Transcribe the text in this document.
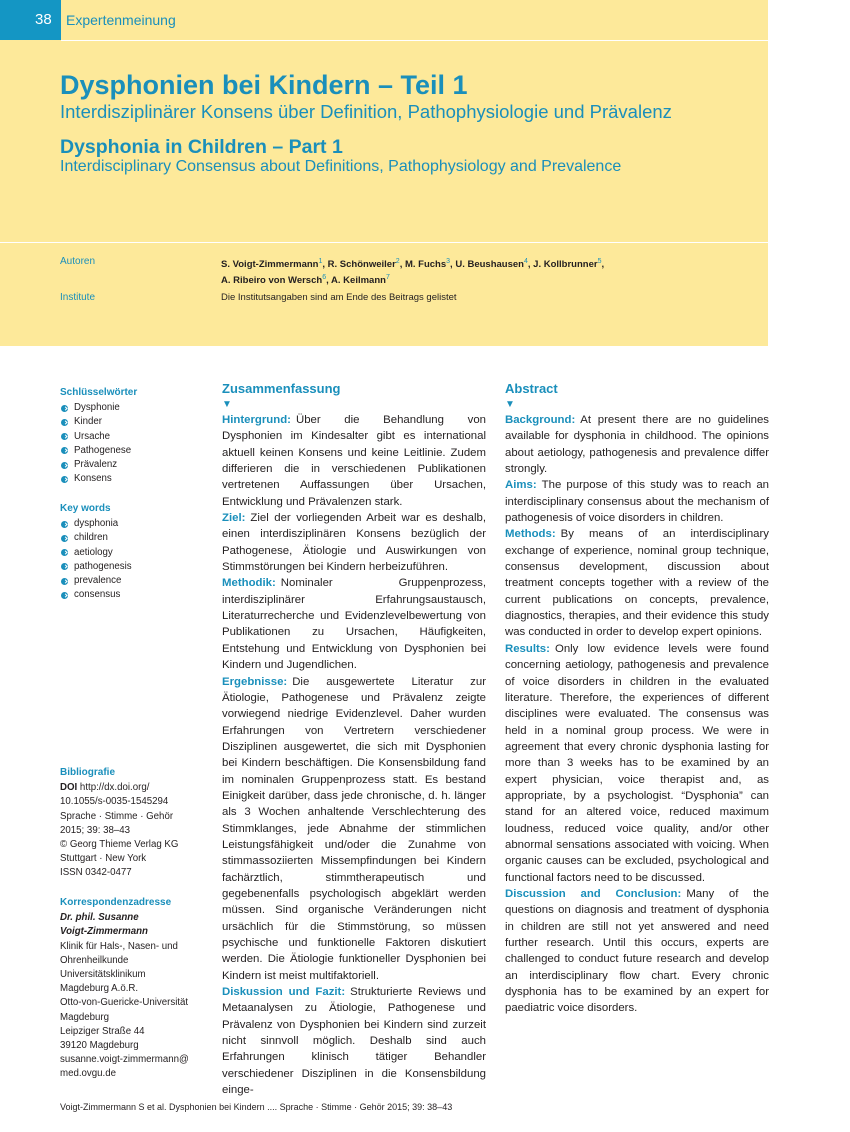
38	Expertenmeinung
Dysphonien bei Kindern – Teil 1
Interdisziplinärer Konsens über Definition, Pathophysiologie und Prävalenz
Dysphonia in Children – Part 1
Interdisciplinary Consensus about Definitions, Pathophysiology and Prevalence
Autoren	S. Voigt-Zimmermann$^1$, R. Schönweiler$^2$, M. Fuchs$^3$, U. Beushausen$^4$, J. Kollbrunner$^5$,
A. Ribeiro von Wersch$^6$, A. Keilmann$^7$
Institute	Die Institutsangaben sind am Ende des Beitrags gelistet
Schlüsselwörter
Dysphonie
Kinder
Ursache
Pathogenese
Prävalenz
Konsens
Key words
dysphonia
children
aetiology
pathogenesis
prevalence
consensus
Bibliografie
DOI http://dx.doi.org/
10.1055/s-0035-1545294
Sprache · Stimme · Gehör
2015; 39: 38–43
© Georg Thieme Verlag KG
Stuttgart · New York
ISSN 0342-0477
Korrespondenzadresse
Dr. phil. Susanne
Voigt-Zimmermann
Klinik für Hals-, Nasen- und
Ohrenheilkunde
Universitätsklinikum
Magdeburg A.ö.R.
Otto-von-Guericke-Universität
Magdeburg
Leipziger Straße 44
39120 Magdeburg
susanne.voigt-zimmermann@
med.ovgu.de
Zusammenfassung
▼

Hintergrund: Über die Behandlung von Dysphonien im Kindesalter gibt es international aktuell keinen Konsens und keine Leitlinie. Zudem differieren die in verschiedenen Publikationen vertretenen Auffassungen über Ursachen, Entwicklung und Prävalenzen stark.

Ziel: Ziel der vorliegenden Arbeit war es deshalb, einen interdisziplinären Konsens bezüglich der Pathogenese, Ätiologie und Auswirkungen von Stimmstörungen bei Kindern herbeizuführen.

Methodik: Nominaler Gruppenprozess, interdisziplinärer Erfahrungsaustausch, Literaturrecherche und Evidenzlevelbewertung von Publikationen zu Ursachen, Häufigkeiten, Entstehung und Entwicklung von Dysphonien bei Kindern und Jugendlichen.

Ergebnisse: Die ausgewertete Literatur zur Ätiologie, Pathogenese und Prävalenz zeigte vorwiegend niedrige Evidenzlevel. Daher wurden Erfahrungen von Vertretern verschiedener Disziplinen ausgewertet, die sich mit Dysphonien bei Kindern beschäftigen. Die Konsensbildung fand im nominalen Gruppenprozess statt. Es bestand Einigkeit darüber, dass jede chronische, d. h. länger als 3 Wochen anhaltende Verschlechterung des Stimmklanges, jede Abnahme der stimmlichen Leistungsfähigkeit und/oder die Zunahme von stimmassoziierten Missempfindungen bei Kindern fachärztlich, stimmtherapeutisch und gegebenenfalls psychologisch abgeklärt werden müssen. Sind organische Veränderungen nicht ursächlich für die Stimmstörung, so müssen psychische und funktionelle Faktoren diskutiert werden. Die Ätiologie funktioneller Dysphonien bei Kindern ist meist multifaktoriell.

Diskussion und Fazit: Strukturierte Reviews und Metaanalysen zu Ätiologie, Pathogenese und Prävalenz von Dysphonien bei Kindern sind zurzeit nicht sinnvoll möglich. Deshalb sind auch Erfahrungen klinisch tätiger Behandler verschiedener Disziplinen in die Konsensbildung einge-

Abstract
▼

Background: At present there are no guidelines available for dysphonia in childhood. The opinions about aetiology, pathogenesis and prevalence differ strongly.

Aims: The purpose of this study was to reach an interdisciplinary consensus about the mechanism of pathogenesis of voice disorders in children.

Methods: By means of an interdisciplinary exchange of experience, nominal group technique, consensus development, discussion about treatment concepts together with a review of the current publications on concepts, prevalence, diagnostics, therapies, and their evidence this study was conducted in order to develop expert opinions.

Results: Only low evidence levels were found concerning aetiology, pathogenesis and prevalence of voice disorders in children in the evaluated literature. Therefore, the experiences of different disciplines were evaluated. The consensus was held in a nominal group process. We were in agreement that every chronic dysphonia lasting for more than 3 weeks has to be examined by an expert physician, voice therapist and, as appropriate, by a psychologist. “Dysphonia” can stand for an altered voice, reduced maximum loudness, reduced voice quality, and/or other abnormal sensations associated with voicing. When organic causes can be excluded, psychological and functional factors need to be discussed.

Discussion and Conclusion: Many of the questions on diagnosis and treatment of dysphonia in children are still not yet answered and need further research. Until this occurs, experts are challenged to conduct future research and develop an interdisciplinary flow chart. Every chronic dysphonia has to be examined by an expert for paediatric voice disorders.

Voigt-Zimmermann S et al. Dysphonien bei Kindern .... Sprache · Stimme · Gehör 2015; 39: 38–43
